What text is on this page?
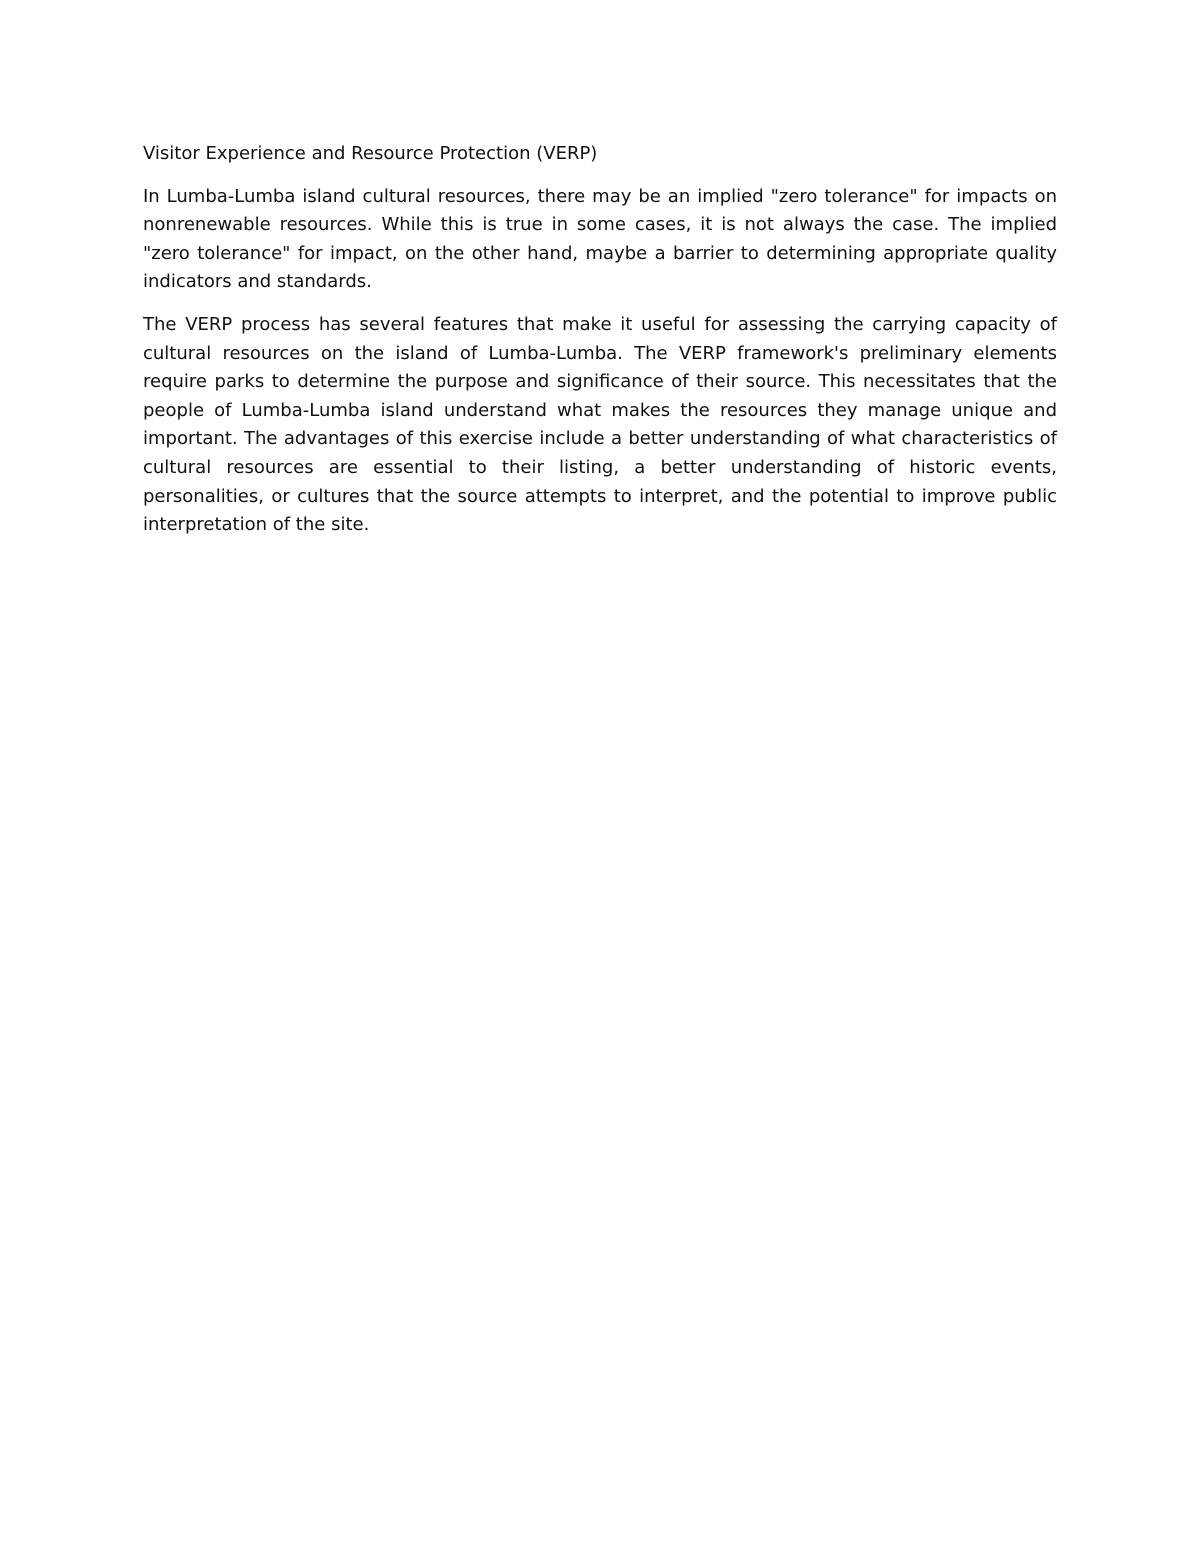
Visitor Experience and Resource Protection (VERP)

In Lumba-Lumba island cultural resources, there may be an implied "zero tolerance" for impacts on nonrenewable resources. While this is true in some cases, it is not always the case. The implied "zero tolerance" for impact, on the other hand, maybe a barrier to determining appropriate quality indicators and standards.

The VERP process has several features that make it useful for assessing the carrying capacity of cultural resources on the island of Lumba-Lumba. The VERP framework's preliminary elements require parks to determine the purpose and significance of their source. This necessitates that the people of Lumba-Lumba island understand what makes the resources they manage unique and important. The advantages of this exercise include a better understanding of what characteristics of cultural resources are essential to their listing, a better understanding of historic events, personalities, or cultures that the source attempts to interpret, and the potential to improve public interpretation of the site.
